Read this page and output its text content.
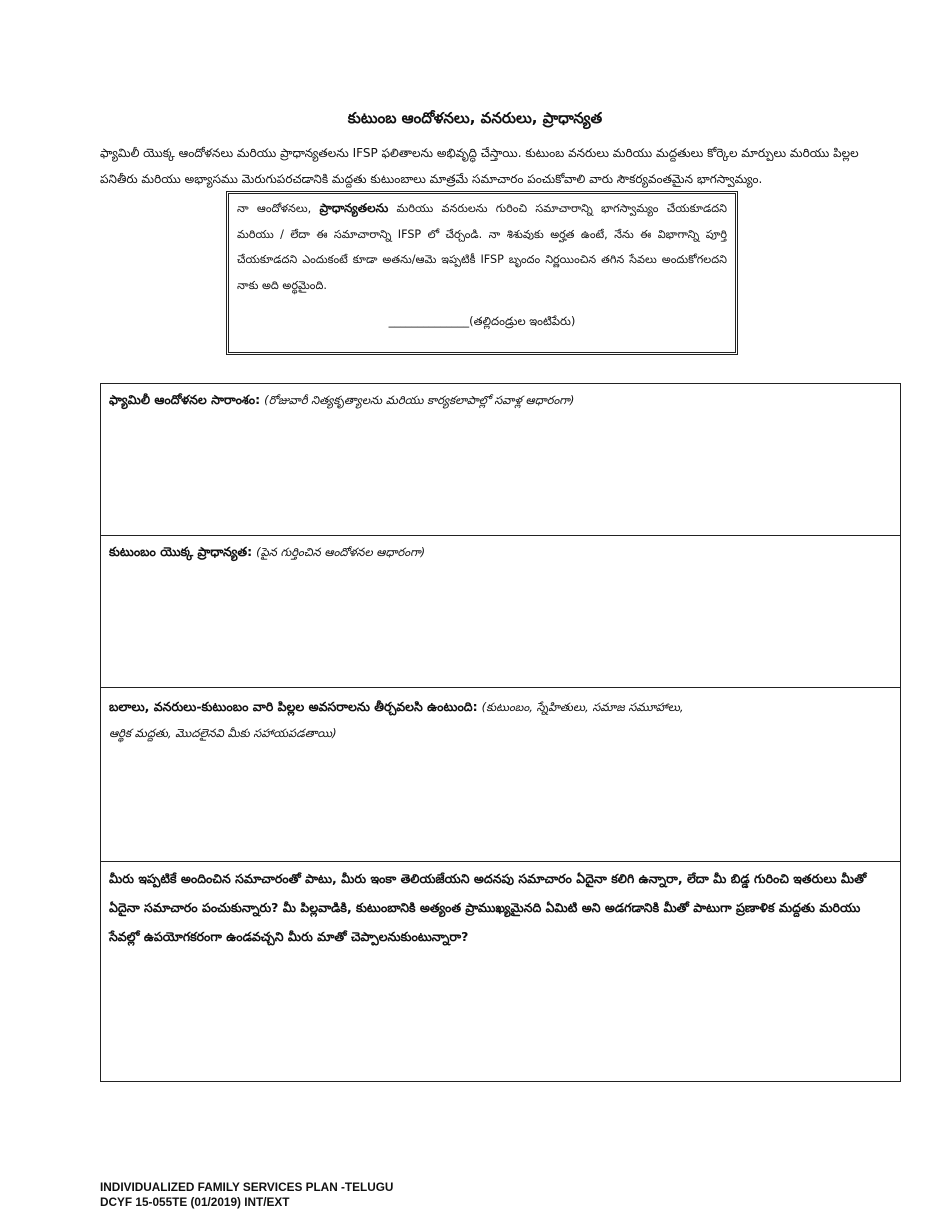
కుటుంబ ఆందోళనలు, వనరులు, ప్రాధాన్యత
ఫ్యామిలీ యొక్క ఆందోళనలు మరియు ప్రాధాన్యతలను IFSP ఫలితాలను అభివృద్ధి చేస్తాయి. కుటుంబ వనరులు మరియు మద్దతులు కోర్కెల మార్పులు మరియు పిల్లల పనితీరు మరియు అభ్యాసము మెరుగుపరచడానికి మద్దతు కుటుంబాలు మాత్రమే సమాచారం పంచుకోవాలి వారు సౌకర్యవంతమైన భాగస్వామ్యం.
నా ఆందోళనలు, ప్రాధాన్యతలను మరియు వనరులను గురించి సమాచారాన్ని భాగస్వామ్యం చేయకూడదని మరియు / లేదా ఈ సమాచారాన్ని IFSP లో చేర్చండి. నా శిశువుకు అర్హత ఉంటే, నేను ఈ విభాగాన్ని పూర్తి చేయకూడదని ఎందుకంటే కూడా అతను/ఆమె ఇప్పటికీ IFSP బృందం నిర్ణయించిన తగిన సేవలు అందుకోగలదని నాకు అది అర్థమైంది.
______________(తల్లిదండ్రుల ఇంటిపేరు)
ఫ్యామిలీ ఆందోళనల సారాంశం: (రోజువారీ నిత్యకృత్యాలను మరియు కార్యకలాపాల్లో సవాళ్ల ఆధారంగా)
కుటుంబం యొక్క ప్రాధాన్యత: (పైన గుర్తించిన ఆందోళనల ఆధారంగా)
బలాలు, వనరులు-కుటుంబం వారి పిల్లల అవసరాలను తీర్చవలసి ఉంటుంది: (కుటుంబం, స్నేహితులు, సమాజ సమూహాలు,
ఆర్థిక మద్దతు, మొదలైనవి మీకు సహాయపడతాయి)
మీరు ఇప్పటికే అందించిన సమాచారంతో పాటు, మీరు ఇంకా తెలియజేయని అదనపు సమాచారం ఏదైనా కలిగి ఉన్నారా, లేదా మీ బిడ్డ గురించి ఇతరులు మీతో ఏదైనా సమాచారం పంచుకున్నారు? మీ పిల్లవాడికి, కుటుంబానికి అత్యంత ప్రాముఖ్యమైనది ఏమిటి అని అడగడానికి మీతో పాటుగా ప్రణాళిక మద్దతు మరియు సేవల్లో ఉపయోగకరంగా ఉండవచ్చని మీరు మాతో చెప్పాలనుకుంటున్నారా?
INDIVIDUALIZED FAMILY SERVICES PLAN -TELUGU
DCYF 15-055TE (01/2019) INT/EXT
